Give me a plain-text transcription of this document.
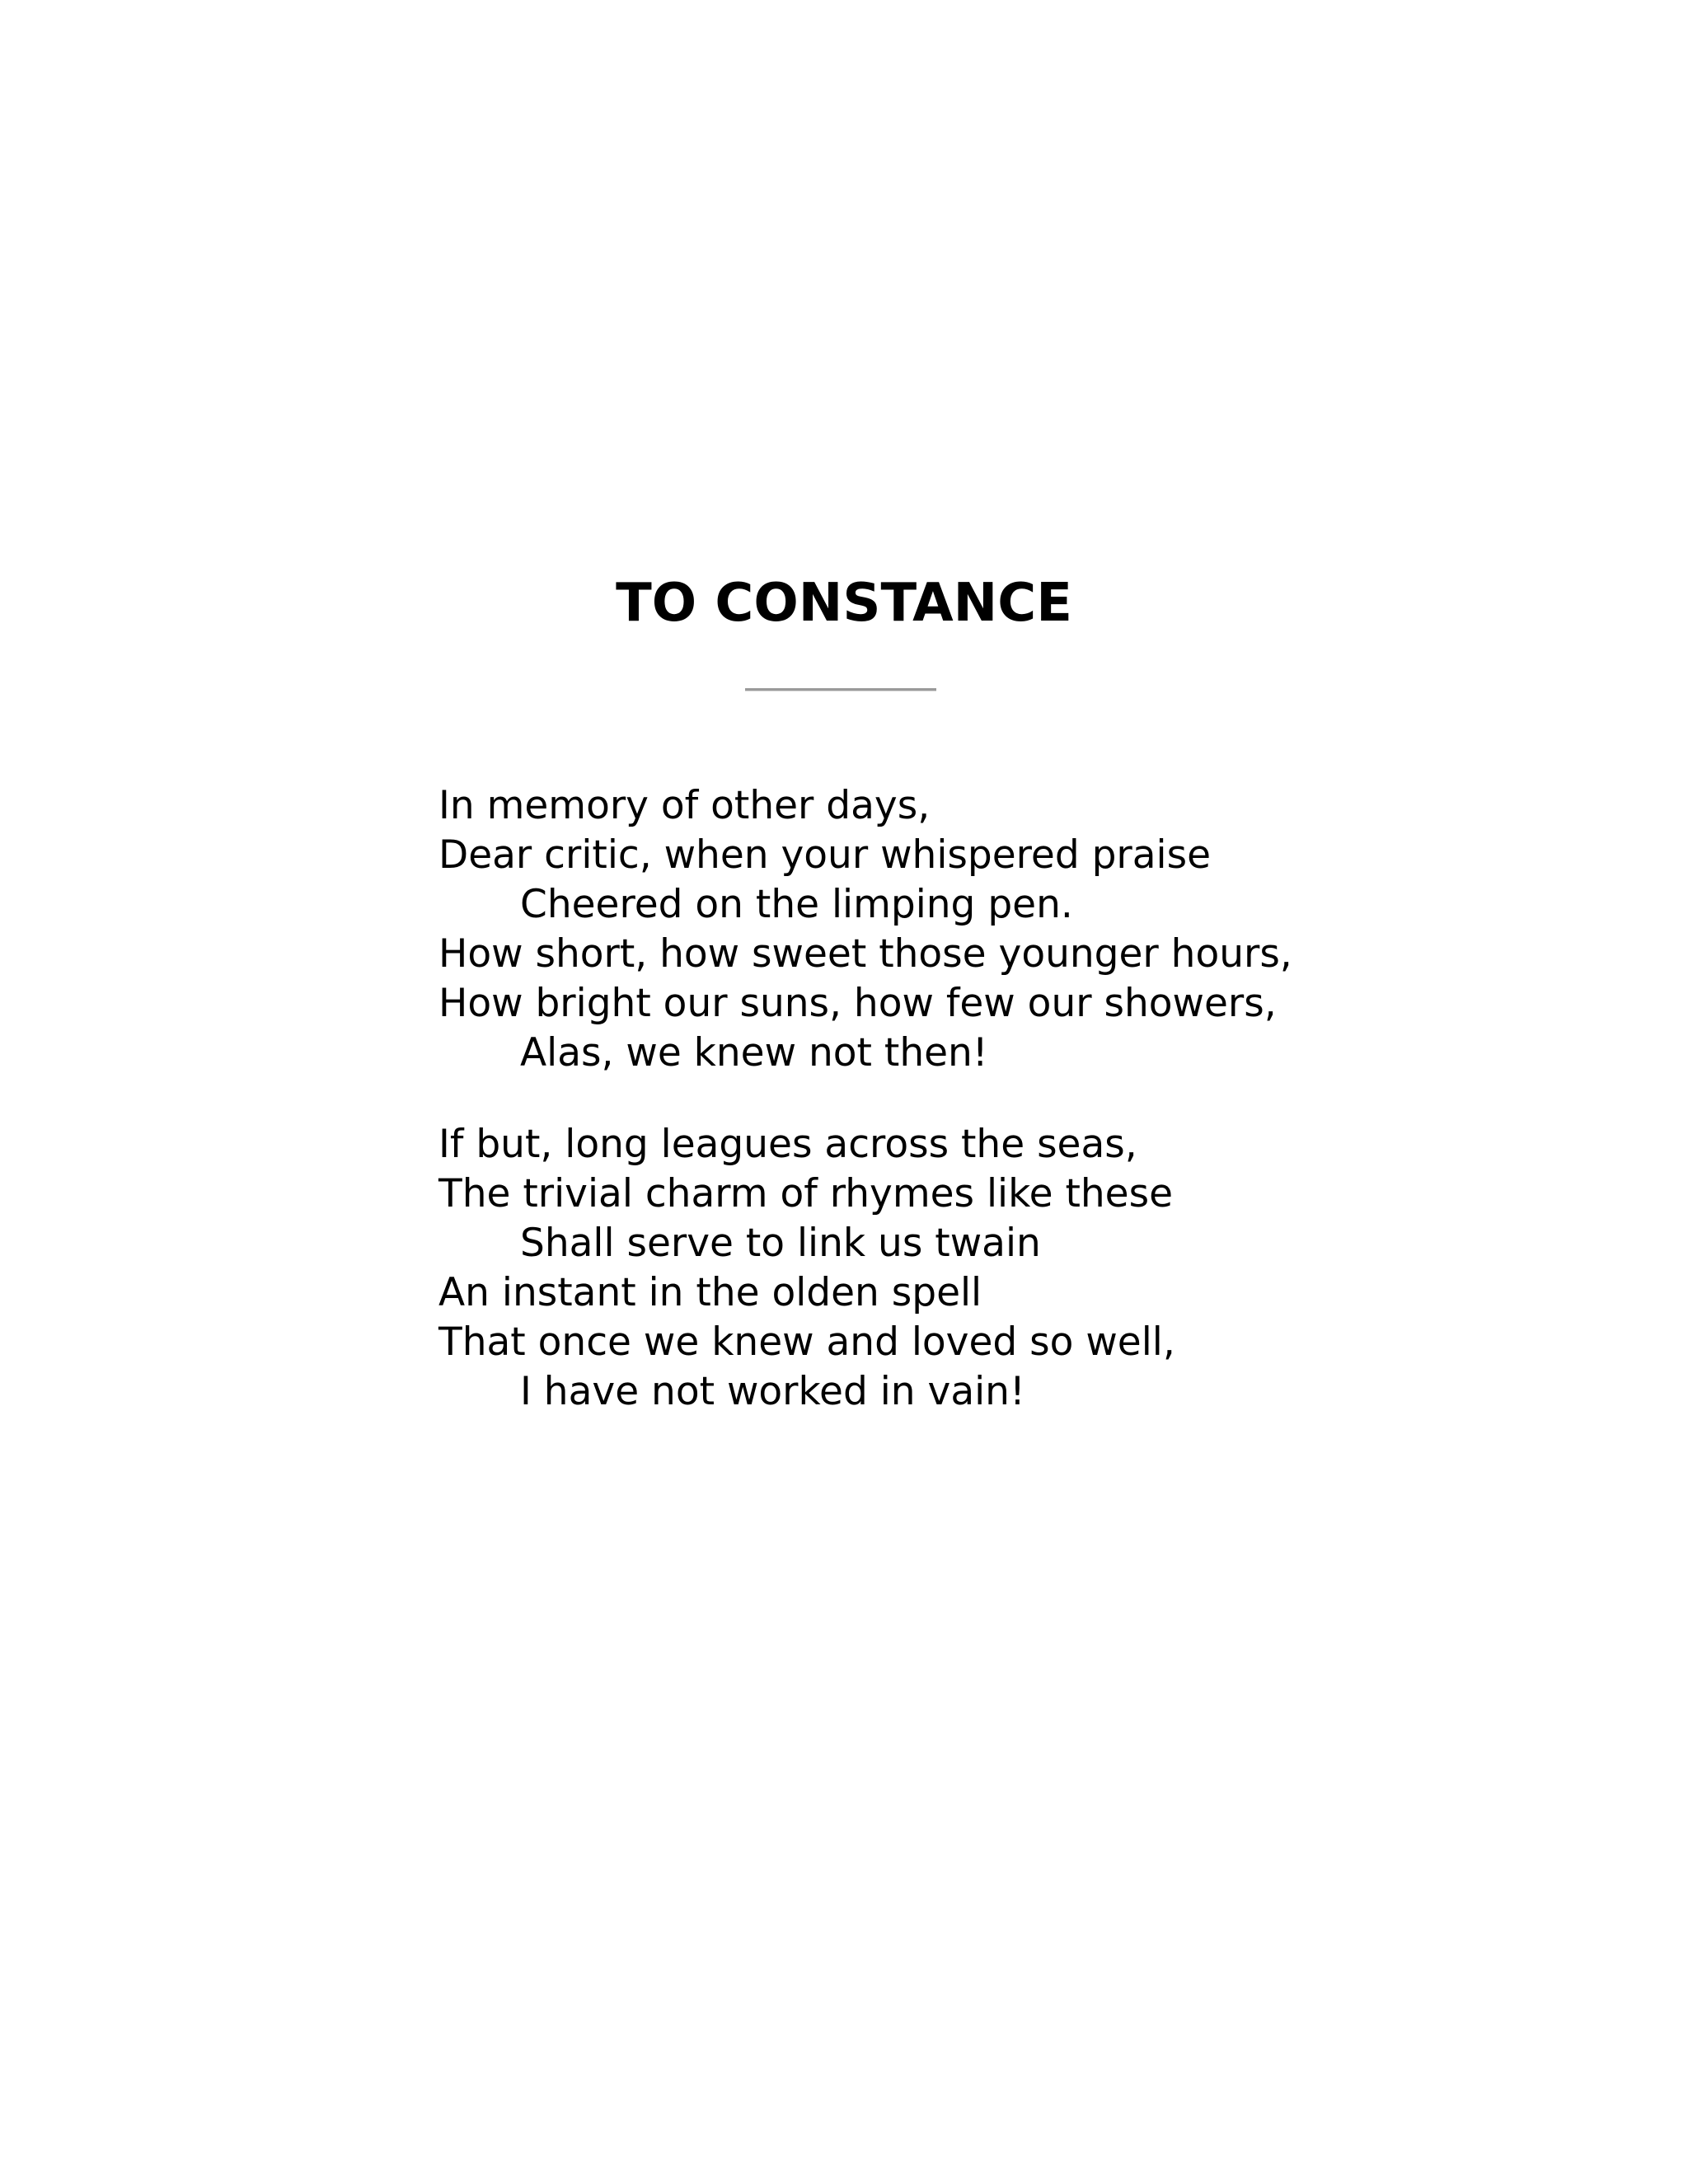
TO CONSTANCE
In memory of other days,
Dear critic, when your whispered praise
Cheered on the limping pen.
How short, how sweet those younger hours,
How bright our suns, how few our showers,
Alas, we knew not then!
If but, long leagues across the seas,
The trivial charm of rhymes like these
Shall serve to link us twain
An instant in the olden spell
That once we knew and loved so well,
I have not worked in vain!
